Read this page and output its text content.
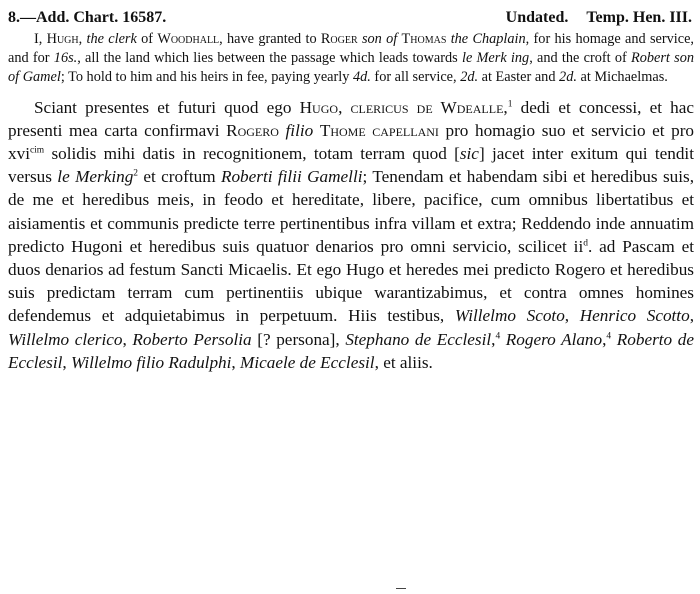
8.—Add. Chart. 16587.	Undated. Temp. Hen. III.

I, Hugh, the clerk of Woodhall, have granted to Roger son of Thomas the Chaplain, for his homage and service, and for 16s., all the land which lies between the passage which leads towards le Merk ing, and the croft of Robert son of Gamel; To hold to him and his heirs in fee, paying yearly 4d. for all service, 2d. at Easter and 2d. at Michaelmas.

Sciant presentes et futuri quod ego Hugo, clericus de Wdealle,$^1$ dedi et concessi, et hac presenti mea carta confirmavi Rogero filio Thome capellani pro homagio suo et servicio et pro xvi$^{cim}$ solidis mihi datis in recognitionem, totam terram quod [sic] jacet inter exitum qui tendit versus le Merking$^2$ et croftum Roberti filii Gamelli; Tenendam et habendam sibi et heredibus suis, de me et heredibus meis, in feodo et hereditate, libere, pacifice, cum omnibus libertatibus et aisiamentis et communis predicte terre pertinentibus infra villam et extra; Reddendo inde annuatim predicto Hugoni et heredibus suis quatuor denarios pro omni servicio, scilicet $ii^d$. ad Pascam et duos denarios ad festum Sancti Micaelis. Et ego Hugo et heredes mei predicto Rogero et heredibus suis predictam terram cum pertinentiis ubique warantizabimus, et contra omnes homines defendemus et adquietabimus in perpetuum. Hiis testibus, Willelmo Scoto, Henrico Scotto, Willelmo clerico, Roberto Persolia [? persona], Stephano de Ecclesil,$^4$ Rogero Alano,$^4$ Roberto de Ecclesil, Willelmo filio Radulphi, Micaele de Ecclesil, et aliis.
